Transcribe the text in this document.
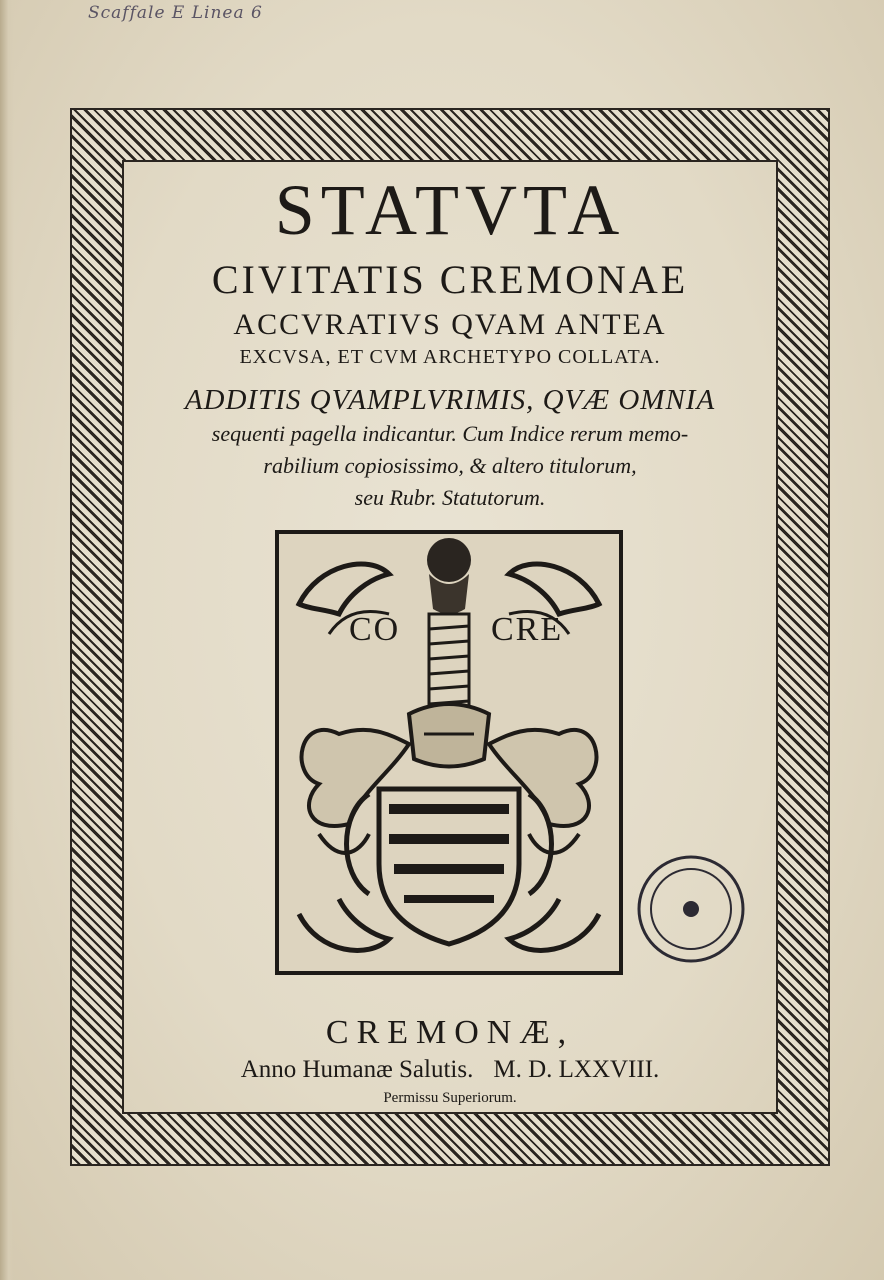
Scaffale E Linea 6
STATVTA
CIVITATIS CREMONAE
ACCVRATIVS QVAM ANTEA
EXCVSA, ET CVM ARCHETYPO COLLATA.
ADDITIS QVAMPLVRIMIS, QVÆ OMNIA
sequenti pagella indicantur. Cum Indice rerum memo-
rabilium copiosissimo, & altero titulorum,
seu Rubr. Statutorum.
CO	CRE
CREMONÆ,
Anno Humanæ Salutis. M. D. LXXVIII.
Permissu Superiorum.
